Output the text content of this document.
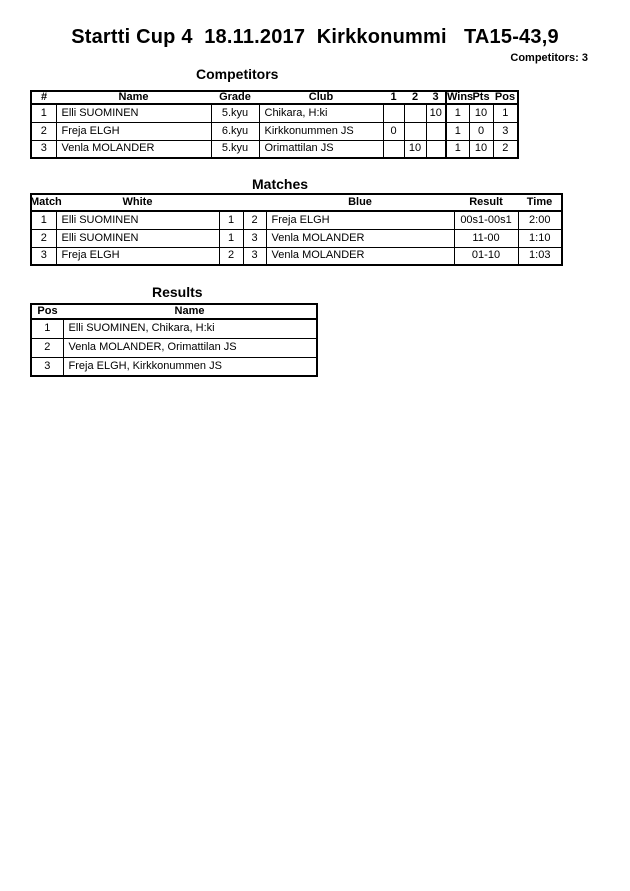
Startti Cup 4  18.11.2017  Kirkkonummi   TA15-43,9
Competitors: 3
Competitors
#	Name	Grade	Club	1	2	3	Wins	Pts	Pos
1	Elli SUOMINEN	5.kyu	Chikara, H:ki			10	1	10	1
2	Freja ELGH	6.kyu	Kirkkonummen JS	0			1	0	3
3	Venla MOLANDER	5.kyu	Orimattilan JS		10		1	10	2
Matches
Match	White			Blue	Result	Time
1	Elli SUOMINEN	1	2	Freja ELGH	00s1-00s1	2:00
2	Elli SUOMINEN	1	3	Venla MOLANDER	11-00	1:10
3	Freja ELGH	2	3	Venla MOLANDER	01-10	1:03
Results
Pos	Name
1	Elli SUOMINEN, Chikara, H:ki
2	Venla MOLANDER, Orimattilan JS
3	Freja ELGH, Kirkkonummen JS
